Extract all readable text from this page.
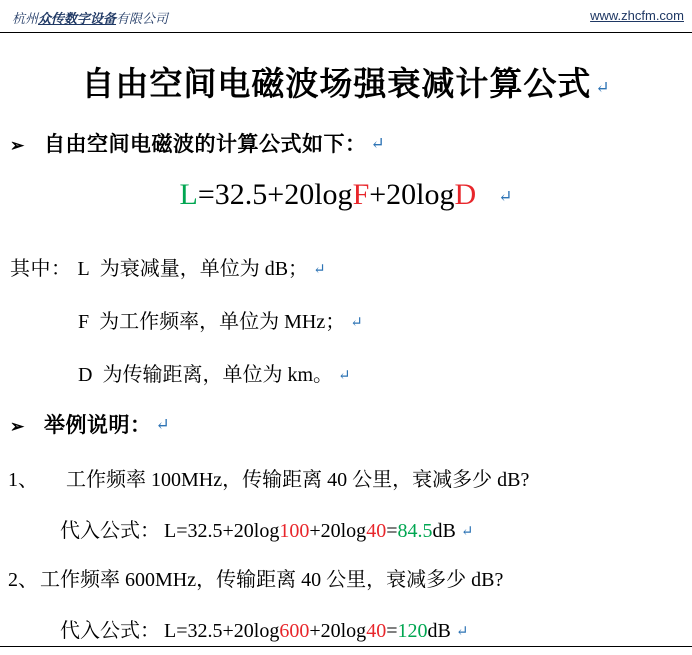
杭州众传数字设备有限公司	www.zhcfm.com
自由空间电磁波场强衰减计算公式 ↵
➢ 自由空间电磁波的计算公式如下： ↵
L=32.5+20logF+20logD ↵
其中： L 为衰减量，单位为 dB； ↵
F 为工作频率，单位为 MHz； ↵
D 为传输距离，单位为 km。 ↵
➢ 举例说明： ↵
1、 工作频率 100MHz，传输距离 40 公里，衰减多少 dB?
代入公式： L=32.5+20log100+20log40=84.5dB ↵
2、 工作频率 600MHz，传输距离 40 公里，衰减多少 dB?
代入公式： L=32.5+20log600+20log40=120dB ↵
